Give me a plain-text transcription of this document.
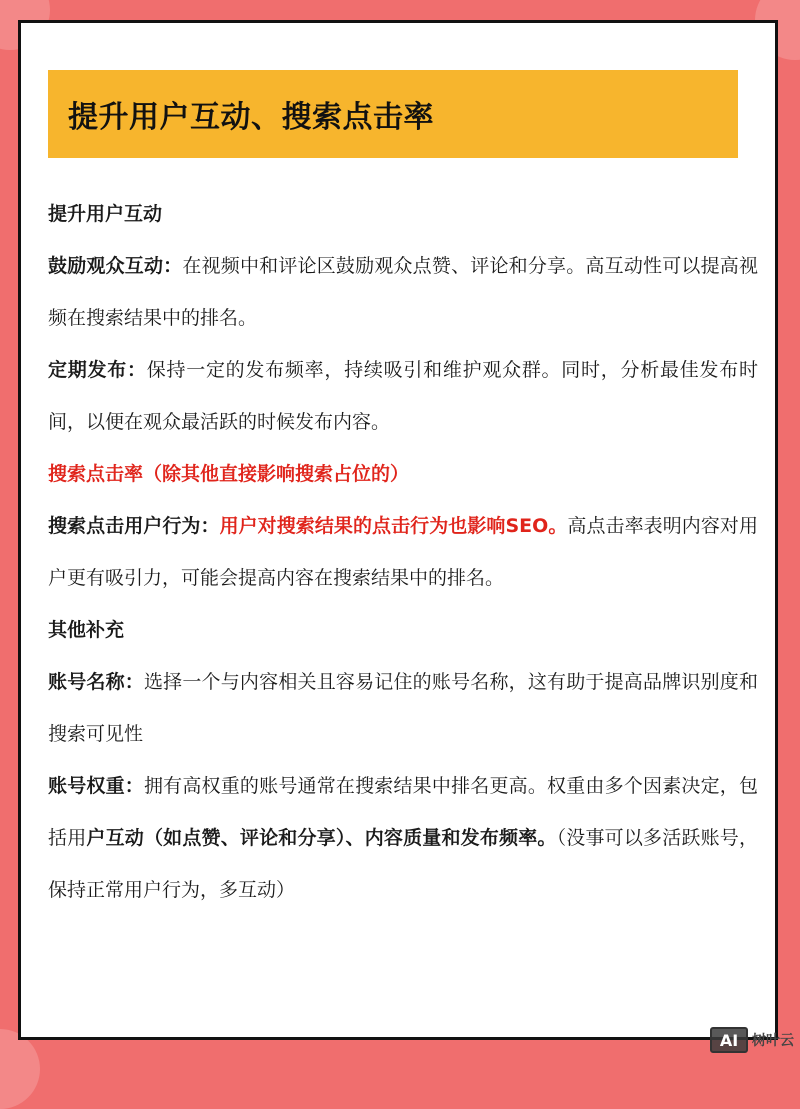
提升用户互动、搜索点击率

提升用户互动

鼓励观众互动：在视频中和评论区鼓励观众点赞、评论和分享。高互动性可以提高视频在搜索结果中的排名。

定期发布：保持一定的发布频率，持续吸引和维护观众群。同时，分析最佳发布时间，以便在观众最活跃的时候发布内容。

搜索点击率（除其他直接影响搜索占位的）

搜索点击用户行为：用户对搜索结果的点击行为也影响SEO。高点击率表明内容对用户更有吸引力，可能会提高内容在搜索结果中的排名。

其他补充

账号名称：选择一个与内容相关且容易记住的账号名称，这有助于提高品牌识别度和搜索可见性

账号权重：拥有高权重的账号通常在搜索结果中排名更高。权重由多个因素决定，包括用户互动（如点赞、评论和分享）、内容质量和发布频率。（没事可以多活跃账号，保持正常用户行为，多互动）

AI 树叶云
